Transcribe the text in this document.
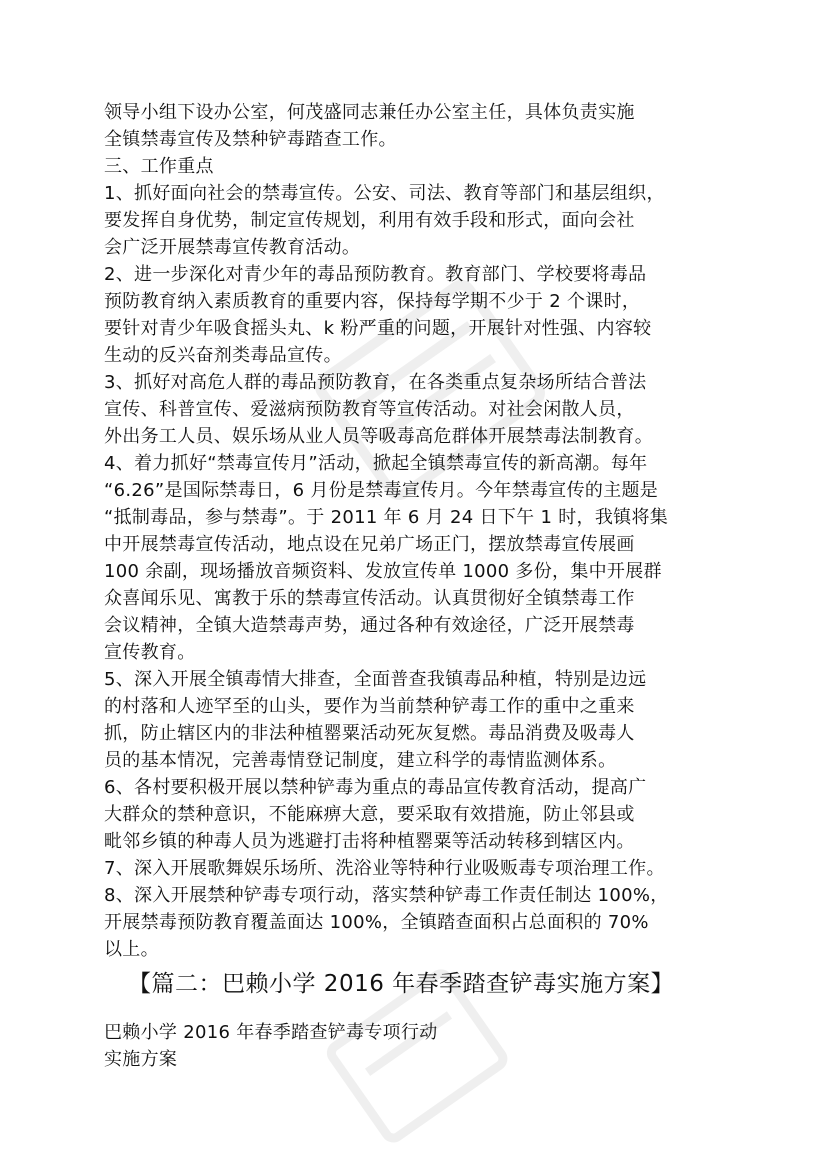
领导小组下设办公室，何茂盛同志兼任办公室主任，具体负责实施
全镇禁毒宣传及禁种铲毒踏查工作。
三、工作重点
1、抓好面向社会的禁毒宣传。公安、司法、教育等部门和基层组织，
要发挥自身优势，制定宣传规划，利用有效手段和形式，面向会社
会广泛开展禁毒宣传教育活动。
2、进一步深化对青少年的毒品预防教育。教育部门、学校要将毒品
预防教育纳入素质教育的重要内容，保持每学期不少于 2 个课时，
要针对青少年吸食摇头丸、k 粉严重的问题，开展针对性强、内容较
生动的反兴奋剂类毒品宣传。
3、抓好对高危人群的毒品预防教育，在各类重点复杂场所结合普法
宣传、科普宣传、爱滋病预防教育等宣传活动。对社会闲散人员，
外出务工人员、娱乐场从业人员等吸毒高危群体开展禁毒法制教育。
4、着力抓好“禁毒宣传月”活动，掀起全镇禁毒宣传的新高潮。每年
“6.26”是国际禁毒日，6 月份是禁毒宣传月。今年禁毒宣传的主题是
“抵制毒品，参与禁毒”。于 2011 年 6 月 24 日下午 1 时，我镇将集
中开展禁毒宣传活动，地点设在兄弟广场正门，摆放禁毒宣传展画
100 余副，现场播放音频资料、发放宣传单 1000 多份，集中开展群
众喜闻乐见、寓教于乐的禁毒宣传活动。认真贯彻好全镇禁毒工作
会议精神，全镇大造禁毒声势，通过各种有效途径，广泛开展禁毒
宣传教育。
5、深入开展全镇毒情大排查，全面普查我镇毒品种植，特别是边远
的村落和人迹罕至的山头，要作为当前禁种铲毒工作的重中之重来
抓，防止辖区内的非法种植罂粟活动死灰复燃。毒品消费及吸毒人
员的基本情况，完善毒情登记制度，建立科学的毒情监测体系。
6、各村要积极开展以禁种铲毒为重点的毒品宣传教育活动，提高广
大群众的禁种意识，不能麻痹大意，要采取有效措施，防止邻县或
毗邻乡镇的种毒人员为逃避打击将种植罂粟等活动转移到辖区内。
7、深入开展歌舞娱乐场所、洗浴业等特种行业吸贩毒专项治理工作。
8、深入开展禁种铲毒专项行动，落实禁种铲毒工作责任制达 100%，
开展禁毒预防教育覆盖面达 100%，全镇踏查面积占总面积的 70%
以上。
【篇二：巴赖小学 2016 年春季踏查铲毒实施方案】
巴赖小学 2016 年春季踏查铲毒专项行动
实施方案
